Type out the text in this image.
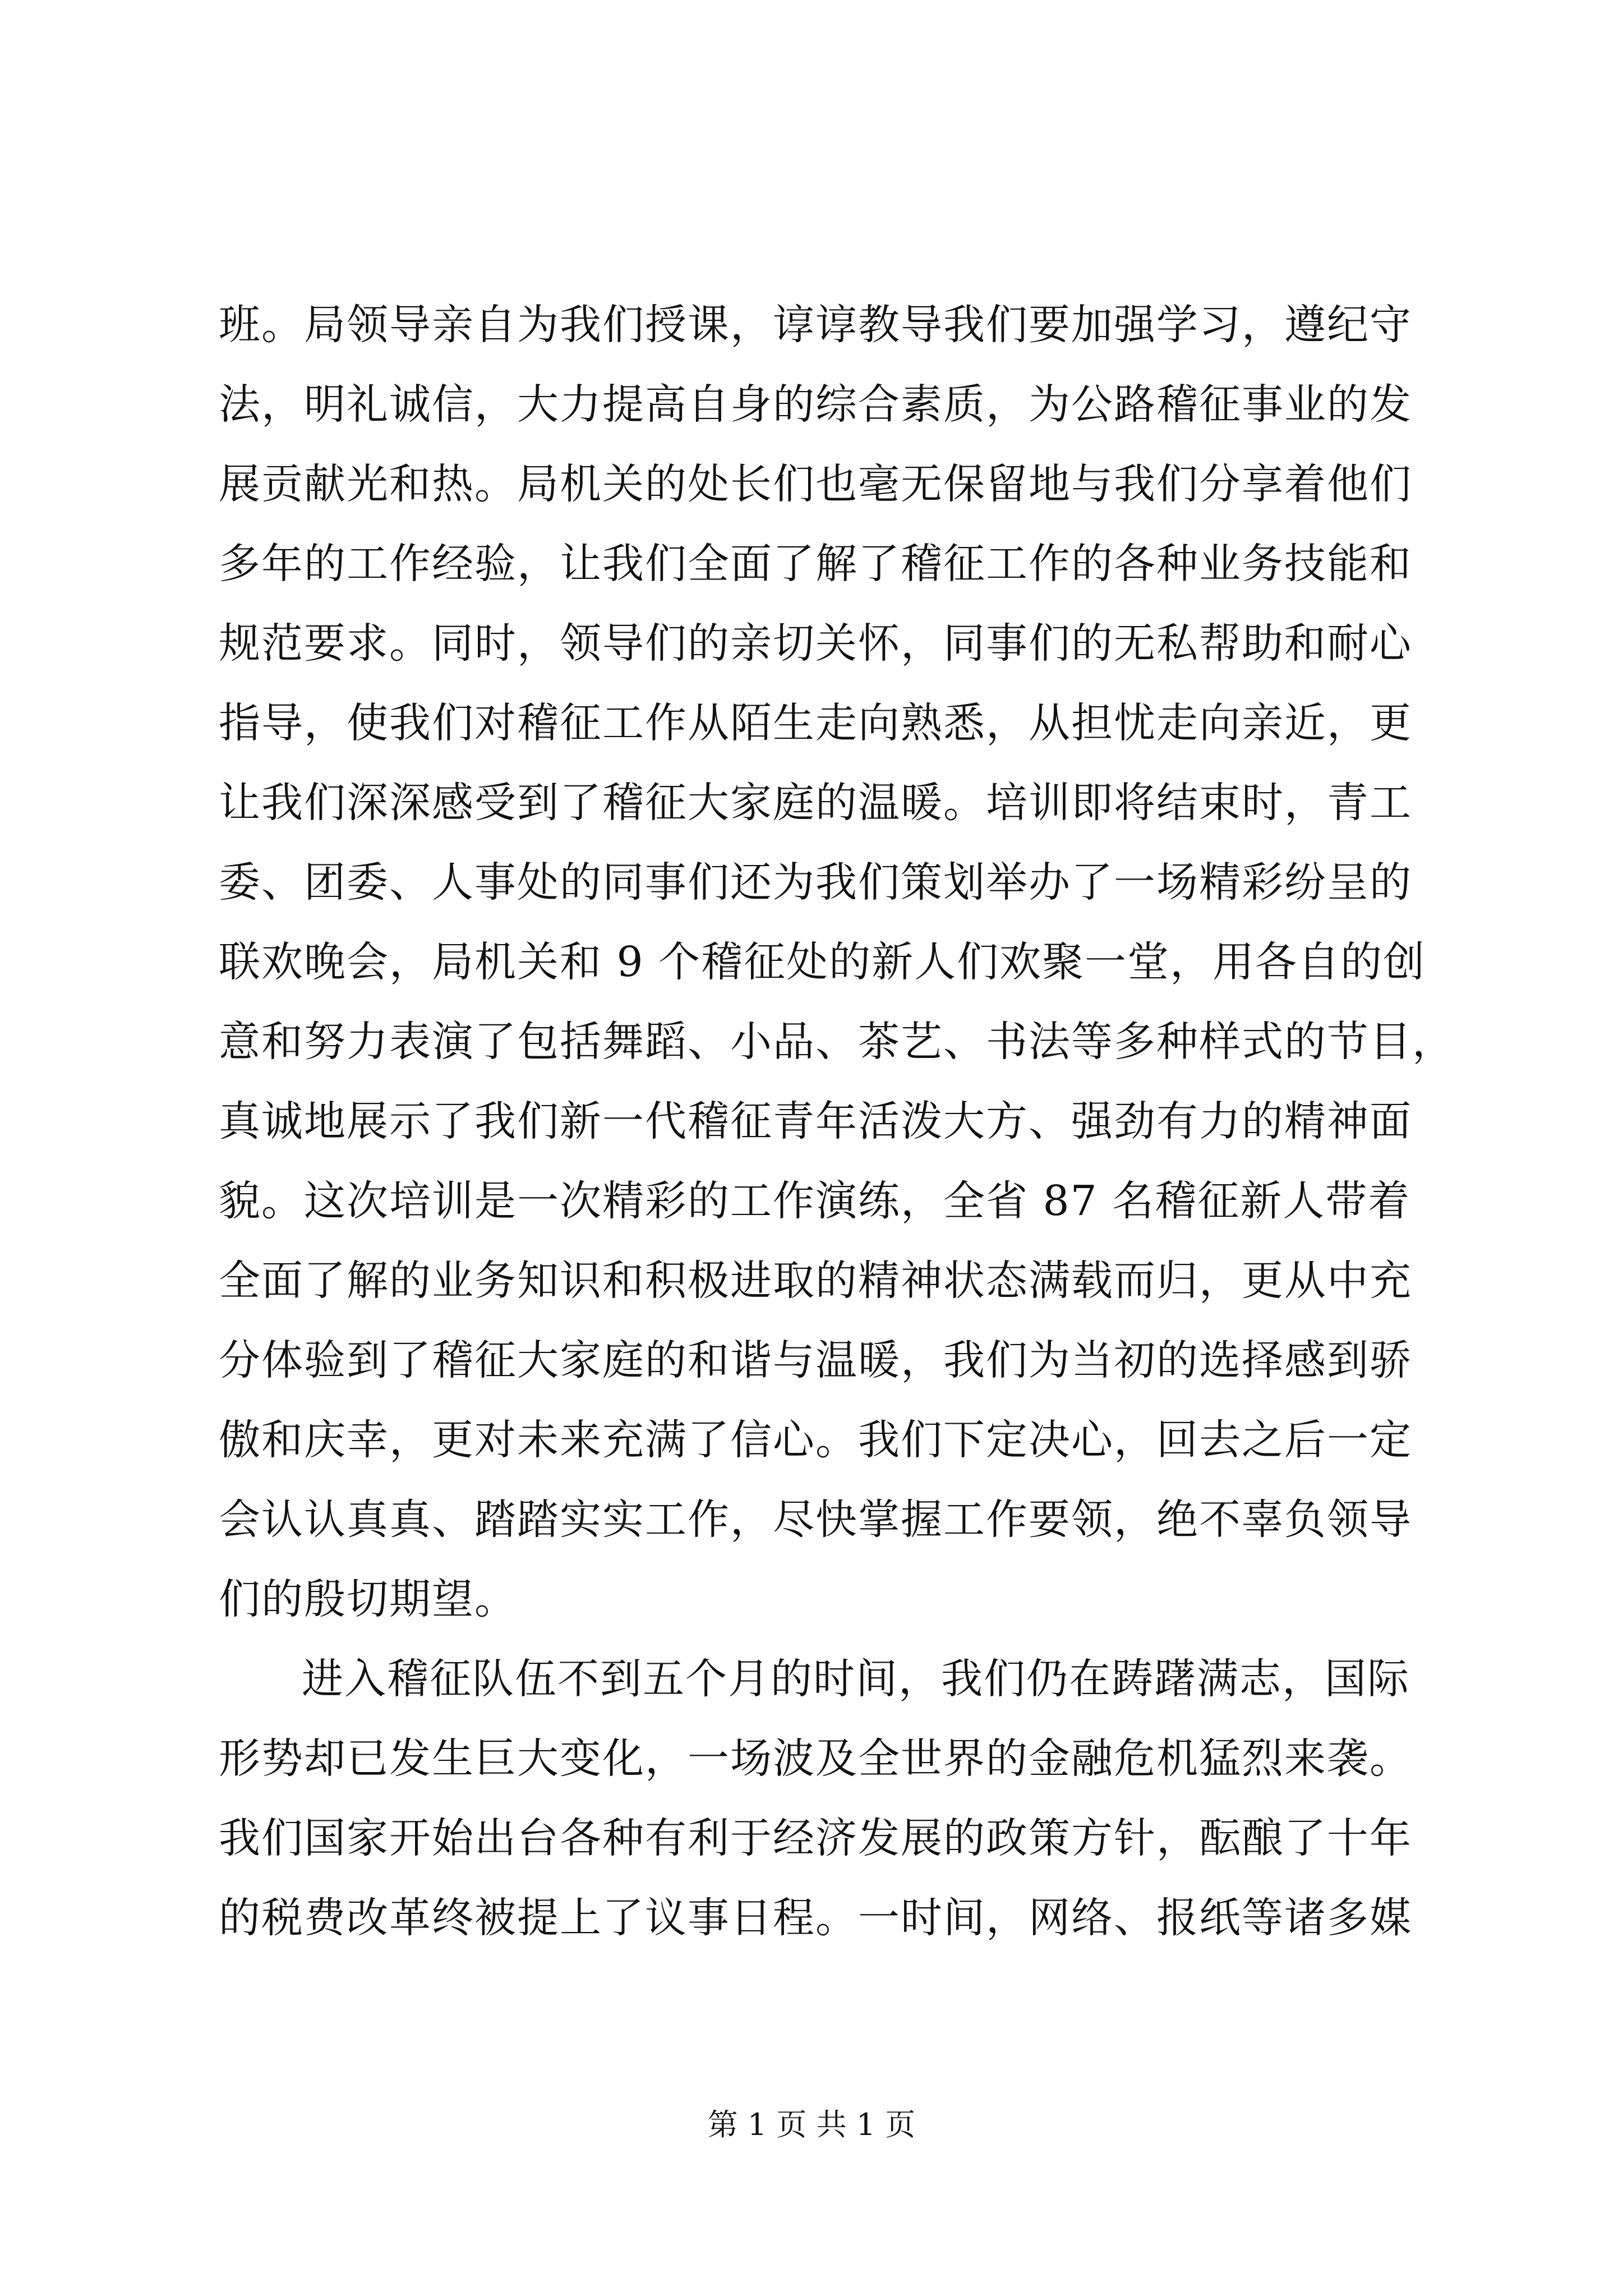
班。局领导亲自为我们授课，谆谆教导我们要加强学习，遵纪守
法，明礼诚信，大力提高自身的综合素质，为公路稽征事业的发
展贡献光和热。局机关的处长们也毫无保留地与我们分享着他们
多年的工作经验，让我们全面了解了稽征工作的各种业务技能和
规范要求。同时，领导们的亲切关怀，同事们的无私帮助和耐心
指导，使我们对稽征工作从陌生走向熟悉，从担忧走向亲近，更
让我们深深感受到了稽征大家庭的温暖。培训即将结束时，青工
委、团委、人事处的同事们还为我们策划举办了一场精彩纷呈的
联欢晚会，局机关和 9 个稽征处的新人们欢聚一堂，用各自的创
意和努力表演了包括舞蹈、小品、茶艺、书法等多种样式的节目，
真诚地展示了我们新一代稽征青年活泼大方、强劲有力的精神面
貌。这次培训是一次精彩的工作演练，全省 87 名稽征新人带着
全面了解的业务知识和积极进取的精神状态满载而归，更从中充
分体验到了稽征大家庭的和谐与温暖，我们为当初的选择感到骄
傲和庆幸，更对未来充满了信心。我们下定决心，回去之后一定
会认认真真、踏踏实实工作，尽快掌握工作要领，绝不辜负领导
们的殷切期望。
进入稽征队伍不到五个月的时间，我们仍在踌躇满志，国际
形势却已发生巨大变化，一场波及全世界的金融危机猛烈来袭。
我们国家开始出台各种有利于经济发展的政策方针，酝酿了十年
的税费改革终被提上了议事日程。一时间，网络、报纸等诸多媒
第 1 页 共 1 页
